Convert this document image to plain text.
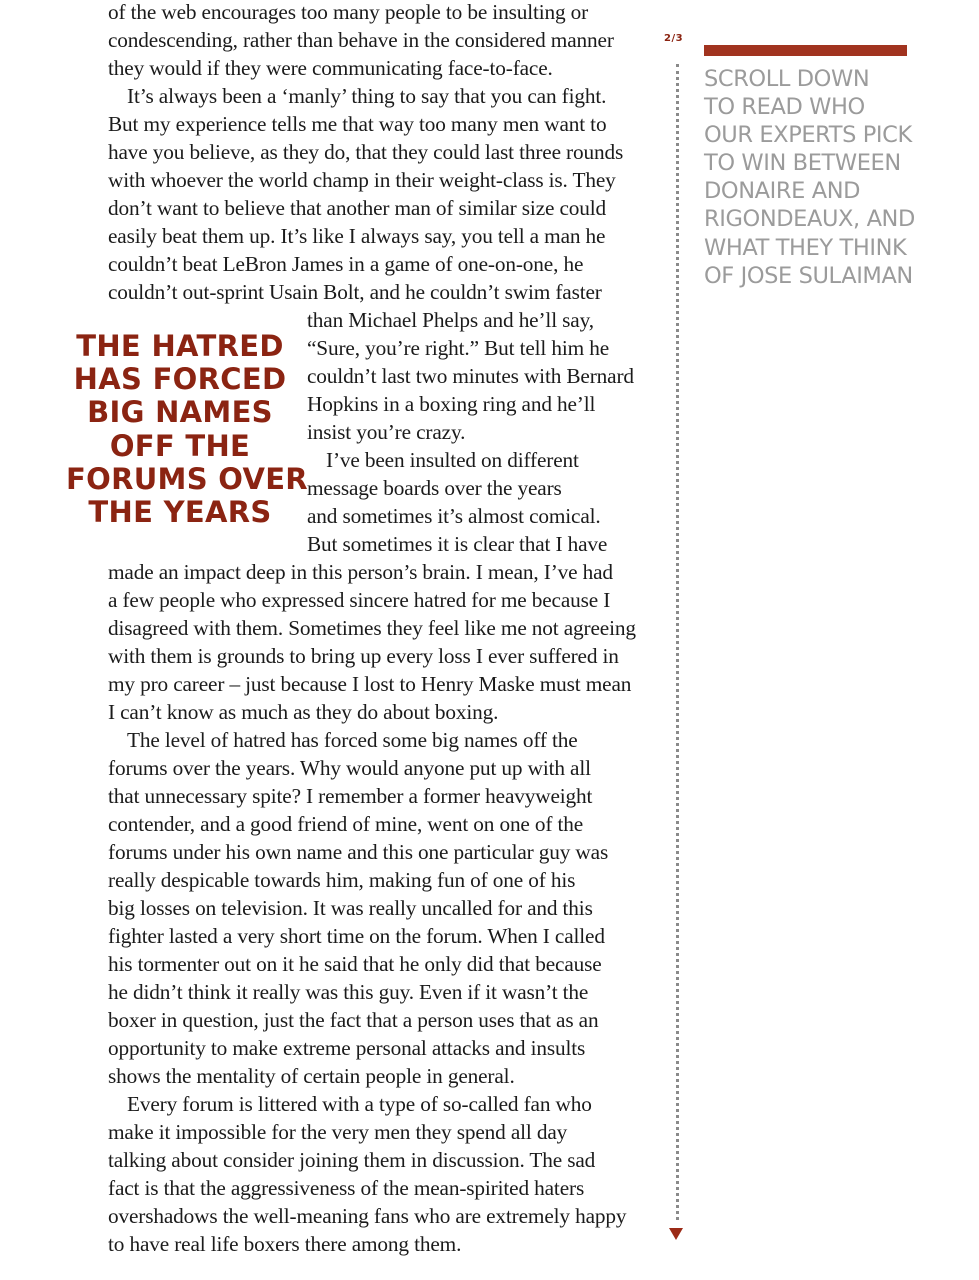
of the web encourages too many people to be insulting or
condescending, rather than behave in the considered manner
they would if they were communicating face-to-face.
It’s always been a ‘manly’ thing to say that you can fight.
But my experience tells me that way too many men want to
have you believe, as they do, that they could last three rounds
with whoever the world champ in their weight-class is. They
don’t want to believe that another man of similar size could
easily beat them up. It’s like I always say, you tell a man he
couldn’t beat LeBron James in a game of one-on-one, he
couldn’t out-sprint Usain Bolt, and he couldn’t swim faster
than Michael Phelps and he’ll say,
“Sure, you’re right.” But tell him he
couldn’t last two minutes with Bernard
Hopkins in a boxing ring and he’ll
insist you’re crazy.
I’ve been insulted on different
message boards over the years
and sometimes it’s almost comical.
But sometimes it is clear that I have
made an impact deep in this person’s brain. I mean, I’ve had
a few people who expressed sincere hatred for me because I
disagreed with them. Sometimes they feel like me not agreeing
with them is grounds to bring up every loss I ever suffered in
my pro career – just because I lost to Henry Maske must mean
I can’t know as much as they do about boxing.
The level of hatred has forced some big names off the
forums over the years. Why would anyone put up with all
that unnecessary spite? I remember a former heavyweight
contender, and a good friend of mine, went on one of the
forums under his own name and this one particular guy was
really despicable towards him, making fun of one of his
big losses on television. It was really uncalled for and this
fighter lasted a very short time on the forum. When I called
his tormenter out on it he said that he only did that because
he didn’t think it really was this guy. Even if it wasn’t the
boxer in question, just the fact that a person uses that as an
opportunity to make extreme personal attacks and insults
shows the mentality of certain people in general.
Every forum is littered with a type of so-called fan who
make it impossible for the very men they spend all day
talking about consider joining them in discussion. The sad
fact is that the aggressiveness of the mean-spirited haters
overshadows the well-meaning fans who are extremely happy
to have real life boxers there among them.
THE HATRED
HAS FORCED
BIG NAMES
OFF THE
FORUMS OVER
THE YEARS
2/3
SCROLL DOWN
TO READ WHO
OUR EXPERTS PICK
TO WIN BETWEEN
DONAIRE AND
RIGONDEAUX, AND
WHAT THEY THINK
OF JOSE SULAIMAN
